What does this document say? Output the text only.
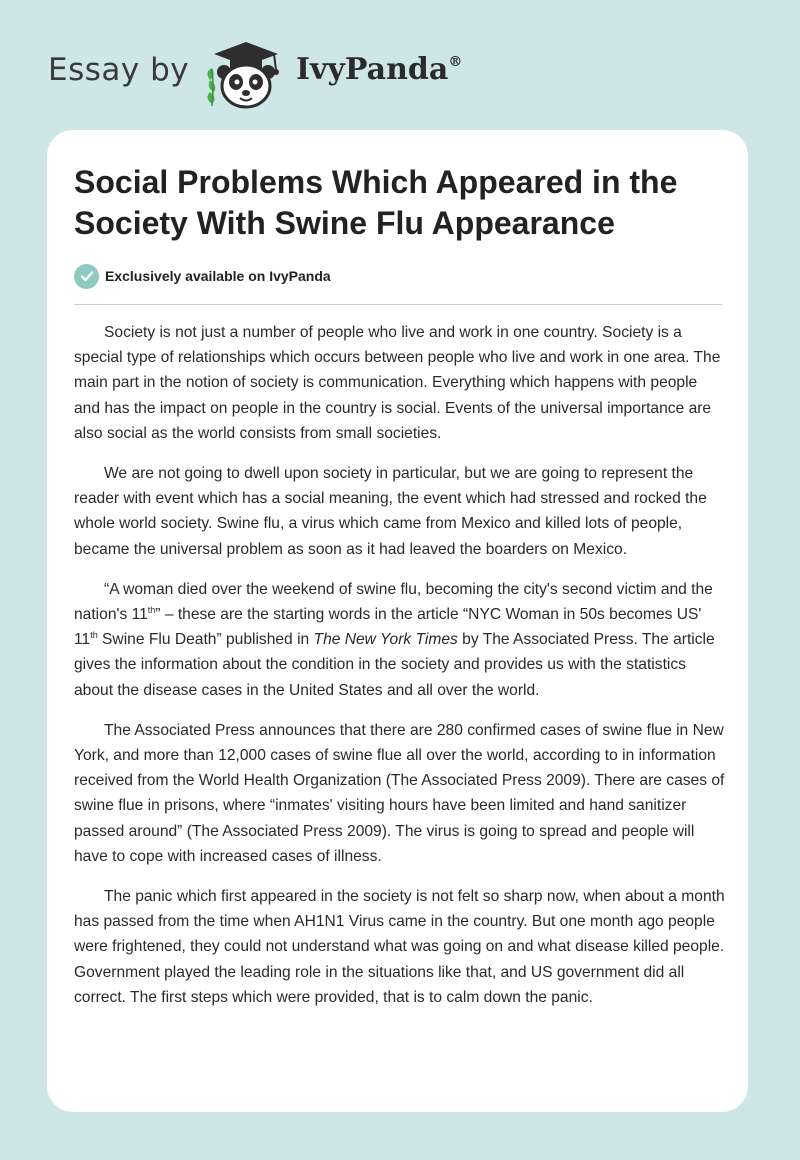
Essay by	IvyPanda®
Social Problems Which Appeared in the Society With Swine Flu Appearance
Exclusively available on IvyPanda

Society is not just a number of people who live and work in one country. Society is a special type of relationships which occurs between people who live and work in one area. The main part in the notion of society is communication. Everything which happens with people and has the impact on people in the country is social. Events of the universal importance are also social as the world consists from small societies.

We are not going to dwell upon society in particular, but we are going to represent the reader with event which has a social meaning, the event which had stressed and rocked the whole world society. Swine flu, a virus which came from Mexico and killed lots of people, became the universal problem as soon as it had leaved the boarders on Mexico.

“A woman died over the weekend of swine flu, becoming the city's second victim and the nation's 11th” – these are the starting words in the article “NYC Woman in 50s becomes US' 11th Swine Flu Death” published in The New York Times by The Associated Press. The article gives the information about the condition in the society and provides us with the statistics about the disease cases in the United States and all over the world.

The Associated Press announces that there are 280 confirmed cases of swine flue in New York, and more than 12,000 cases of swine flue all over the world, according to in information received from the World Health Organization (The Associated Press 2009). There are cases of swine flue in prisons, where “inmates' visiting hours have been limited and hand sanitizer passed around” (The Associated Press 2009). The virus is going to spread and people will have to cope with increased cases of illness.

The panic which first appeared in the society is not felt so sharp now, when about a month has passed from the time when AH1N1 Virus came in the country. But one month ago people were frightened, they could not understand what was going on and what disease killed people. Government played the leading role in the situations like that, and US government did all correct. The first steps which were provided, that is to calm down the panic.
